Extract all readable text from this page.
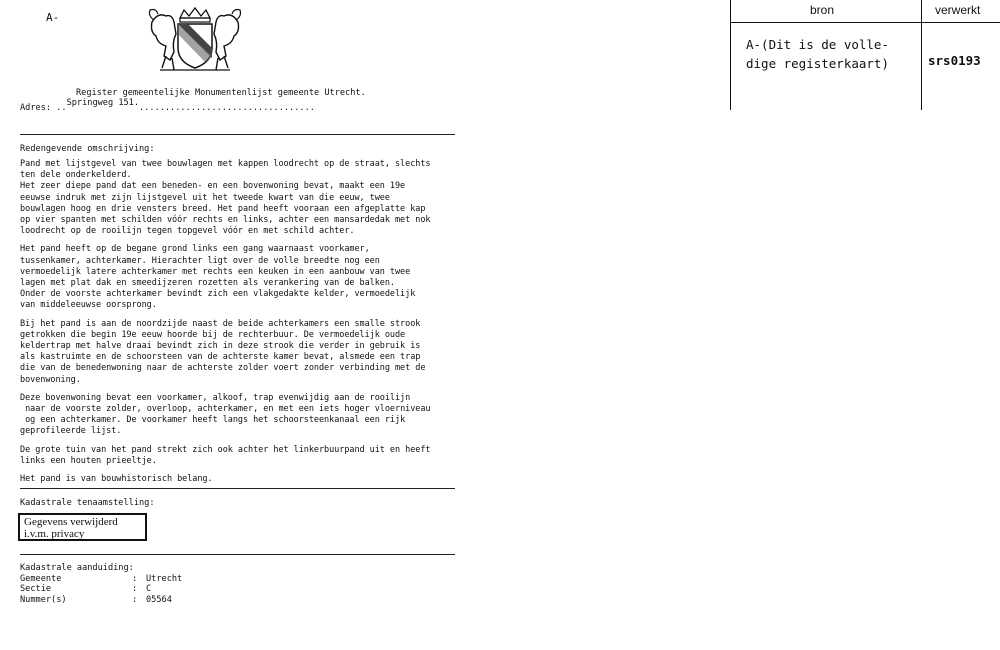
A-
Register gemeentelijke Monumentenlijst gemeente Utrecht.
Adres: ..Springweg 151...................................
Redengevende omschrijving:

Pand met lijstgevel van twee bouwlagen met kappen loodrecht op de straat, slechts
ten dele onderkelderd.
Het zeer diepe pand dat een beneden- en een bovenwoning bevat, maakt een 19e
eeuwse indruk met zijn lijstgevel uit het tweede kwart van die eeuw, twee
bouwlagen hoog en drie vensters breed. Het pand heeft vooraan een afgeplatte kap
op vier spanten met schilden vóór rechts en links, achter een mansardedak met nok
loodrecht op de rooilijn tegen topgevel vóór en met schild achter.

Het pand heeft op de begane grond links een gang waarnaast voorkamer,
tussenkamer, achterkamer. Hierachter ligt over de volle breedte nog een
vermoedelijk latere achterkamer met rechts een keuken in een aanbouw van twee
lagen met plat dak en smeedijzeren rozetten als verankering van de balken.
Onder de voorste achterkamer bevindt zich een vlakgedakte kelder, vermoedelijk
van middeleeuwse oorsprong.

Bij het pand is aan de noordzijde naast de beide achterkamers een smalle strook
getrokken die begin 19e eeuw hoorde bij de rechterbuur. De vermoedelijk oude
keldertrap met halve draai bevindt zich in deze strook die verder in gebruik is
als kastruimte en de schoorsteen van de achterste kamer bevat, alsmede een trap
die van de benedenwoning naar de achterste zolder voert zonder verbinding met de
bovenwoning.

Deze bovenwoning bevat een voorkamer, alkoof, trap evenwijdig aan de rooilijn
naar de voorste zolder, overloop, achterkamer, en met een iets hoger vloerniveau
og een achterkamer. De voorkamer heeft langs het schoorsteenkanaal een rijk
geprofileerde lijst.

De grote tuin van het pand strekt zich ook achter het linkerbuurpand uit en heeft
links een houten prieeltje.

Het pand is van bouwhistorisch belang.

Kadastrale tenaamstelling:
Gegevens verwijderd i.v.m. privacy
Kadastrale aanduiding:
Gemeente	:	Utrecht
Sectie	:	C
Nummer(s)	:	05564
bron	verwerkt
A-(Dit is de volle-
dige registerkaart)	srs0193
